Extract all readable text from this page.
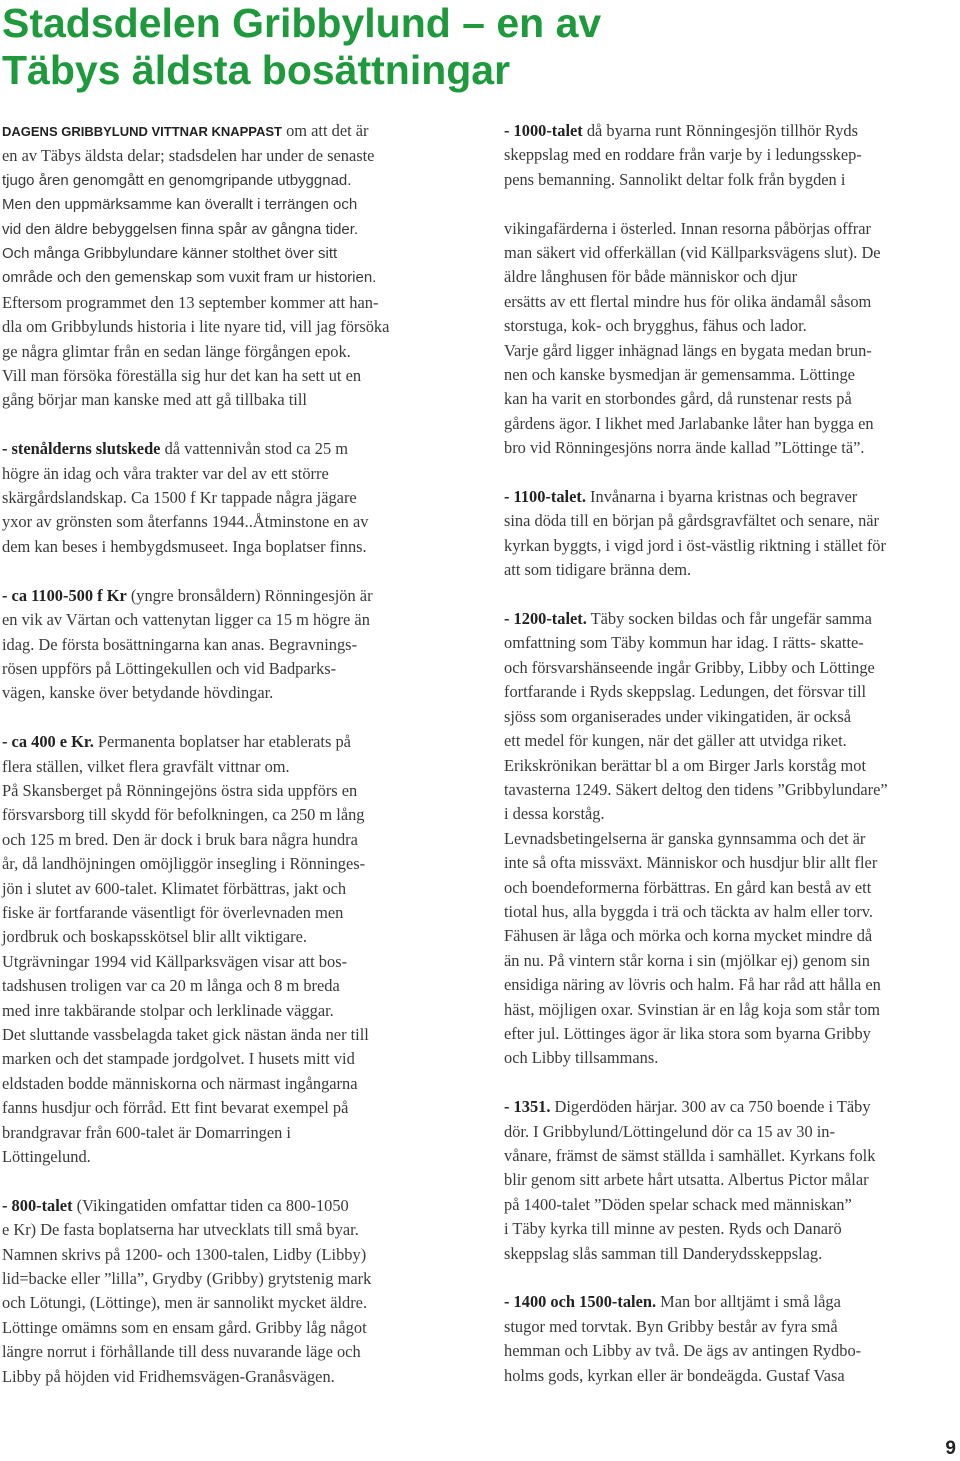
Stadsdelen Gribbylund – en av
Täbys äldsta bosättningar
DAGENS GRIBBYLUND VITTNAR KNAPPAST om att det är
en av Täbys äldsta delar; stadsdelen har under de senaste
tjugo åren genomgått en genomgripande utbyggnad.
Men den uppmärksamme kan överallt i terrängen och
vid den äldre bebyggelsen finna spår av gångna tider.
Och många Gribbylundare känner stolthet över sitt
område och den gemenskap som vuxit fram ur historien.
Eftersom programmet den 13 september kommer att han-
dla om Gribbylunds historia i lite nyare tid, vill jag försöka
ge några glimtar från en sedan länge förgången epok.
Vill man försöka föreställa sig hur det kan ha sett ut en
gång börjar man kanske med att gå tillbaka till
- stenålderns slutskede då vattennivån stod ca 25 m
högre än idag och våra trakter var del av ett större
skärgårdslandskap. Ca 1500 f Kr tappade några jägare
yxor av grönsten som återfanns 1944..Åtminstone en av
dem kan beses i hembygdsmuseet. Inga boplatser finns.
- ca 1100-500 f Kr (yngre bronsåldern) Rönningesjön är
en vik av Värtan och vattenytan ligger ca 15 m högre än
idag. De första bosättningarna kan anas. Begravnings-
rösen uppförs på Löttingekullen och vid Badparks-
vägen, kanske över betydande hövdingar.
- ca 400 e Kr. Permanenta boplatser har etablerats på
flera ställen, vilket flera gravfält vittnar om.
På Skansberget på Rönningejöns östra sida uppförs en
försvarsborg till skydd för befolkningen, ca 250 m lång
och 125 m bred. Den är dock i bruk bara några hundra
år, då landhöjningen omöjliggör insegling i Rönninges-
jön i slutet av 600-talet. Klimatet förbättras, jakt och
fiske är fortfarande väsentligt för överlevnaden men
jordbruk och boskapsskötsel blir allt viktigare.
Utgrävningar 1994 vid Källparksvägen visar att bos-
tadshusen troligen var ca 20 m långa och 8 m breda
med inre takbärande stolpar och lerklinade väggar.
Det sluttande vassbelagda taket gick nästan ända ner till
marken och det stampade jordgolvet. I husets mitt vid
eldstaden bodde människorna och närmast ingångarna
fanns husdjur och förråd. Ett fint bevarat exempel på
brandgravar från 600-talet är Domarringen i
Löttingelund.
- 800-talet (Vikingatiden omfattar tiden ca 800-1050
e Kr) De fasta boplatserna har utvecklats till små byar.
Namnen skrivs på 1200- och 1300-talen, Lidby (Libby)
lid=backe eller ”lilla”, Grydby (Gribby) grytstenig mark
och Lötungi, (Löttinge), men är sannolikt mycket äldre.
Löttinge omämns som en ensam gård. Gribby låg något
längre norrut i förhållande till dess nuvarande läge och
Libby på höjden vid Fridhemsvägen-Granåsvägen.
- 1000-talet då byarna runt Rönningesjön tillhör Ryds
skeppslag med en roddare från varje by i ledungsskep-
pens bemanning. Sannolikt deltar folk från bygden i
vikingafärderna i österled. Innan resorna påbörjas offrar
man säkert vid offerkällan (vid Källparksvägens slut). De
äldre långhusen för både människor och djur
ersätts av ett flertal mindre hus för olika ändamål såsom
storstuga, kok- och brygghus, fähus och lador.
Varje gård ligger inhägnad längs en bygata medan brun-
nen och kanske bysmedjan är gemensamma. Löttinge
kan ha varit en storbondes gård, då runstenar rests på
gårdens ägor. I likhet med Jarlabanke låter han bygga en
bro vid Rönningesjöns norra ände kallad ”Löttinge tä”.
- 1100-talet. Invånarna i byarna kristnas och begraver
sina döda till en början på gårdsgravfältet och senare, när
kyrkan byggts, i vigd jord i öst-västlig riktning i stället för
att som tidigare bränna dem.
- 1200-talet. Täby socken bildas och får ungefär samma
omfattning som Täby kommun har idag. I rätts- skatte-
och försvarshänseende ingår Gribby, Libby och Löttinge
fortfarande i Ryds skeppslag. Ledungen, det försvar till
sjöss som organiserades under vikingatiden, är också
ett medel för kungen, när det gäller att utvidga riket.
Erikskrönikan berättar bl a om Birger Jarls korståg mot
tavasterna 1249. Säkert deltog den tidens ”Gribbylundare”
i dessa korståg.
Levnadsbetingelserna är ganska gynnsamma och det är
inte så ofta missväxt. Människor och husdjur blir allt fler
och boendeformerna förbättras. En gård kan bestå av ett
tiotal hus, alla byggda i trä och täckta av halm eller torv.
Fähusen är låga och mörka och korna mycket mindre då
än nu. På vintern står korna i sin (mjölkar ej) genom sin
ensidiga näring av lövris och halm. Få har råd att hålla en
häst, möjligen oxar. Svinstian är en låg koja som står tom
efter jul. Löttinges ägor är lika stora som byarna Gribby
och Libby tillsammans.
- 1351. Digerdöden härjar. 300 av ca 750 boende i Täby
dör. I Gribbylund/Löttingelund dör ca 15 av 30 in-
vånare, främst de sämst ställda i samhället. Kyrkans folk
blir genom sitt arbete hårt utsatta. Albertus Pictor målar
på 1400-talet ”Döden spelar schack med människan”
i Täby kyrka till minne av pesten. Ryds och Danarö
skeppslag slås samman till Danderydsskeppslag.
- 1400 och 1500-talen. Man bor alltjämt i små låga
stugor med torvtak. Byn Gribby består av fyra små
hemman och Libby av två. De ägs av antingen Rydbo-
holms gods, kyrkan eller är bondeägda. Gustaf Vasa
9
